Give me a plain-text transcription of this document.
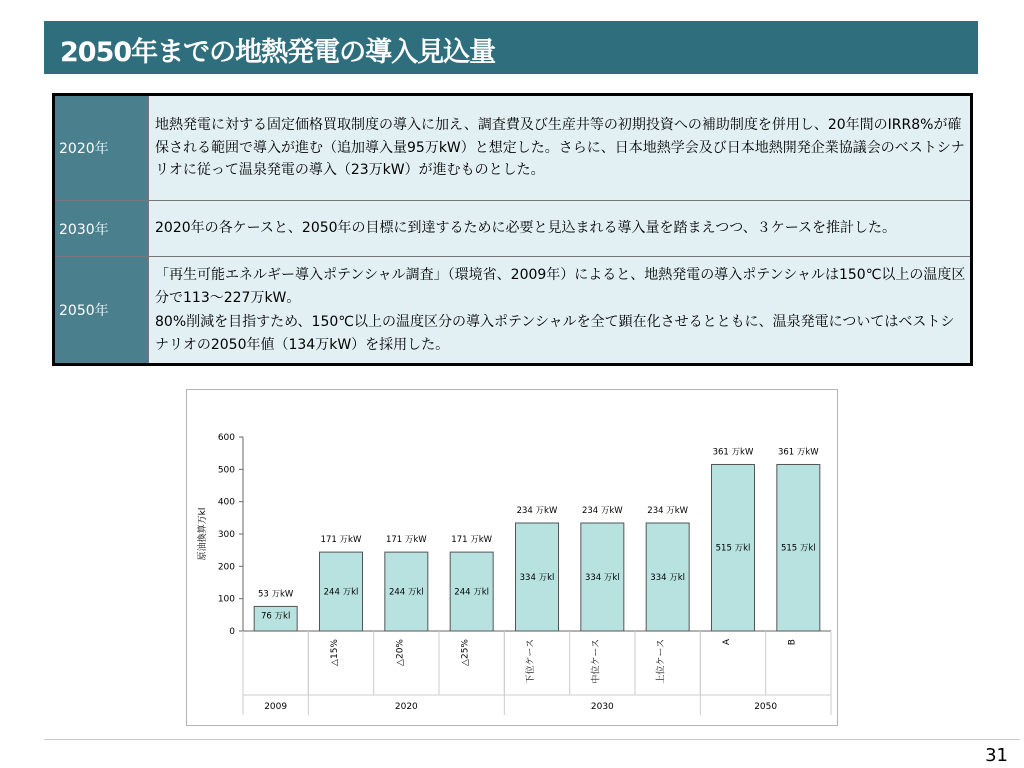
2050年までの地熱発電の導入見込量
2020年	地熱発電に対する固定価格買取制度の導入に加え、調査費及び生産井等の初期投資への補助制度を併用し、20年間のIRR8%が確保される範囲で導入が進む（追加導入量95万kW）と想定した。さらに、日本地熱学会及び日本地熱開発企業協議会のベストシナリオに従って温泉発電の導入（23万kW）が進むものとした。

2030年	2020年の各ケースと、2050年の目標に到達するために必要と見込まれる導入量を踏まえつつ、３ケースを推計した。

2050年	「再生可能エネルギー導入ポテンシャル調査」（環境省、2009年）によると、地熱発電の導入ポテンシャルは150℃以上の温度区分で113～227万kW。

80%削減を目指すため、150℃以上の温度区分の導入ポテンシャルを全て顕在化させるとともに、温泉発電についてはベストシナリオの2050年値（134万kW）を採用した。

0
100
200
300
400
500
600
原油換算万kl
2009	2020	2030	2050
53 万kW
76 万kl
171 万kW
244 万kl
△15%
171 万kW
244 万kl
△20%
171 万kW
244 万kl
△25%
234 万kW
334 万kl
下位ケース
234 万kW
334 万kl
中位ケース
234 万kW
334 万kl
上位ケース
361 万kW
515 万kl
A
361 万kW
515 万kl
B
31
